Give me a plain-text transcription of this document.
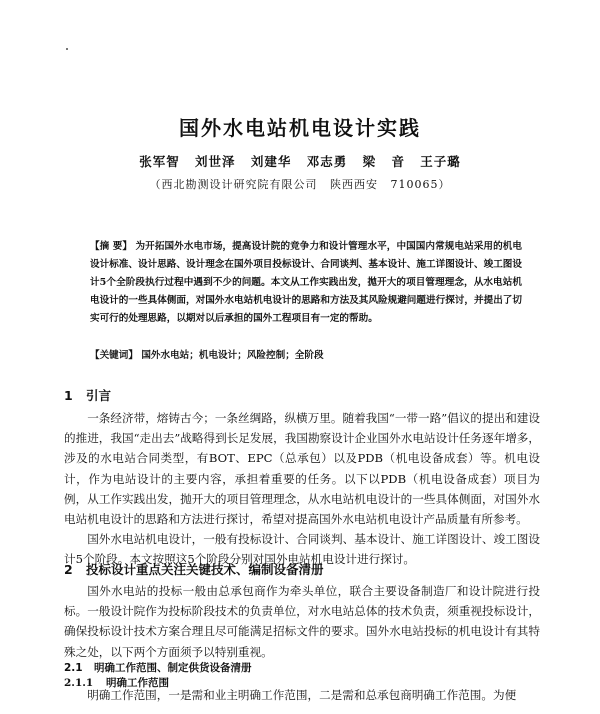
国外水电站机电设计实践
张军智 刘世泽 刘建华 邓志勇 梁 音 王子璐
（西北勘测设计研究院有限公司 陕西西安 710065）
【摘 要】 为开拓国外水电市场，提高设计院的竞争力和设计管理水平，中国国内常规电站采用的机电设计标准、设计思路、设计理念在国外项目投标设计、合同谈判、基本设计、施工详图设计、竣工图设计5个全阶段执行过程中遇到不少的问题。本文从工作实践出发，拋开大的项目管理理念，从水电站机电设计的一些具体侧面，对国外水电站机电设计的思路和方法及其风险规避问题进行探讨，并提出了切实可行的处理思路，以期对以后承担的国外工程项目有一定的帮助。
【关键词】 国外水电站；机电设计；风险控制；全阶段
1 引言

一条经济带，熔铸古今；一条丝绸路，纵横万里。随着我国“一带一路”倡议的提出和建设的推进，我国“走出去”战略得到长足发展，我国勘察设计企业国外水电站设计任务逐年增多，涉及的水电站合同类型，有BOT、EPC（总承包）以及PDB（机电设备成套）等。机电设计，作为电站设计的主要内容，承担着重要的任务。以下以PDB（机电设备成套）项目为例，从工作实践出发，抛开大的项目管理理念，从水电站机电设计的一些具体侧面，对国外水电站机电设计的思路和方法进行探讨，希望对提高国外水电站机电设计产品质量有所参考。

国外水电站机电设计，一般有投标设计、合同谈判、基本设计、施工详图设计、竣工图设计5个阶段。本文按照这5个阶段分别对国外电站机电设计进行探讨。

2 投标设计重点关注关键技术、编制设备清册

国外水电站的投标一般由总承包商作为牵头单位，联合主要设备制造厂和设计院进行投标。一般设计院作为投标阶段技术的负责单位，对水电站总体的技术负责，须重视投标设计，确保投标设计技术方案合理且尽可能满足招标文件的要求。国外水电站投标的机电设计有其特殊之处，以下两个方面须予以特别重视。

2.1 明确工作范围、制定供货设备清册
2.1.1 明确工作范围
明确工作范围，一是需和业主明确工作范围，二是需和总承包商明确工作范围。为便
